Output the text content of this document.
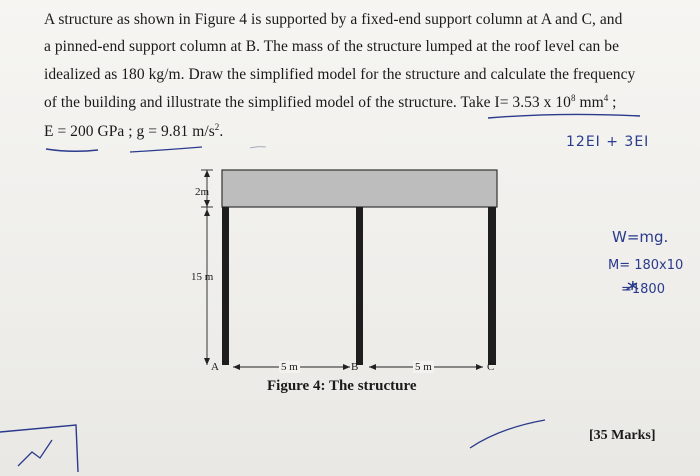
A structure as shown in Figure 4 is supported by a fixed-end support column at A and C, and
a pinned-end support column at B. The mass of the structure lumped at the roof level can be
idealized as 180 kg/m. Draw the simplified model for the structure and calculate the frequency
of the building and illustrate the simplified model of the structure. Take I= 3.53 x $10^8$ $mm^4$ ;
E = 200 GPa ; g = 9.81 $m/s^2$.
2m
15 m
A	B	C
5 m	5 m
Figure 4: The structure
[35 Marks]
12EI + 3EI
W=mg.
M= 180x10
=1800
